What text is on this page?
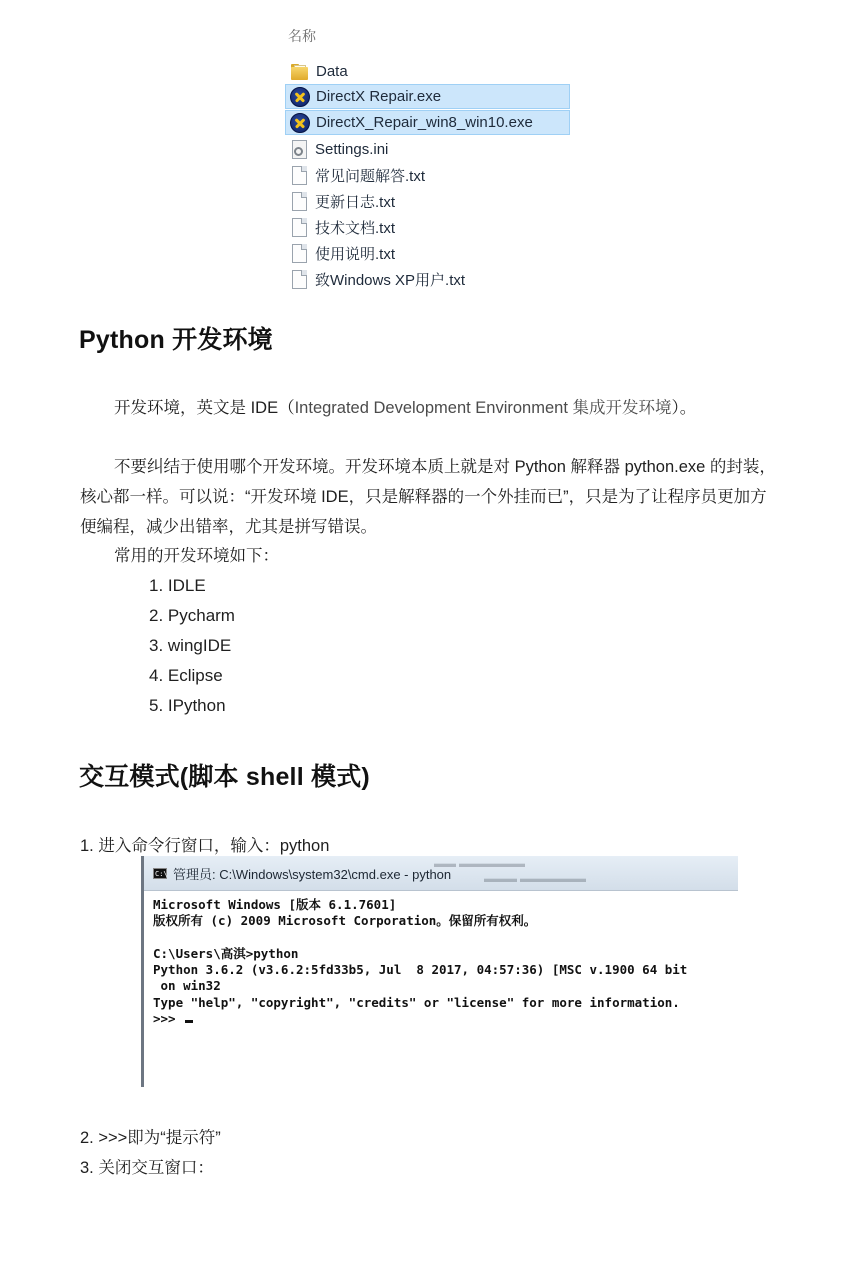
名称
Data
DirectX Repair.exe
DirectX_Repair_win8_win10.exe
Settings.ini
常见问题解答.txt
更新日志.txt
技术文档.txt
使用说明.txt
致Windows XP用户.txt
Python 开发环境
开发环境，英文是 IDE（Integrated Development Environment 集成开发环境）。
不要纠结于使用哪个开发环境。开发环境本质上就是对 Python 解释器 python.exe 的封装，核心都一样。可以说：“开发环境 IDE，只是解释器的一个外挂而已”，只是为了让程序员更加方便编程，减少出错率，尤其是拼写错误。
常用的开发环境如下：
1. IDLE
2. Pycharm
3. wingIDE
4. Eclipse
5. IPython
交互模式(脚本 shell 模式)
1. 进入命令行窗口，输入：python
C:\ 管理员: C:\Windows\system32\cmd.exe - python
▬▬ ▬▬▬▬▬▬
▬▬▬ ▬▬▬▬▬▬
Microsoft Windows [版本 6.1.7601]
版权所有 (c) 2009 Microsoft Corporation。保留所有权利。

C:\Users\高淇>python
Python 3.6.2 (v3.6.2:5fd33b5, Jul  8 2017, 04:57:36) [MSC v.1900 64 bit
on win32
Type "help", "copyright", "credits" or "license" for more information.
>>>
2. >>>即为“提示符”
3. 关闭交互窗口：
